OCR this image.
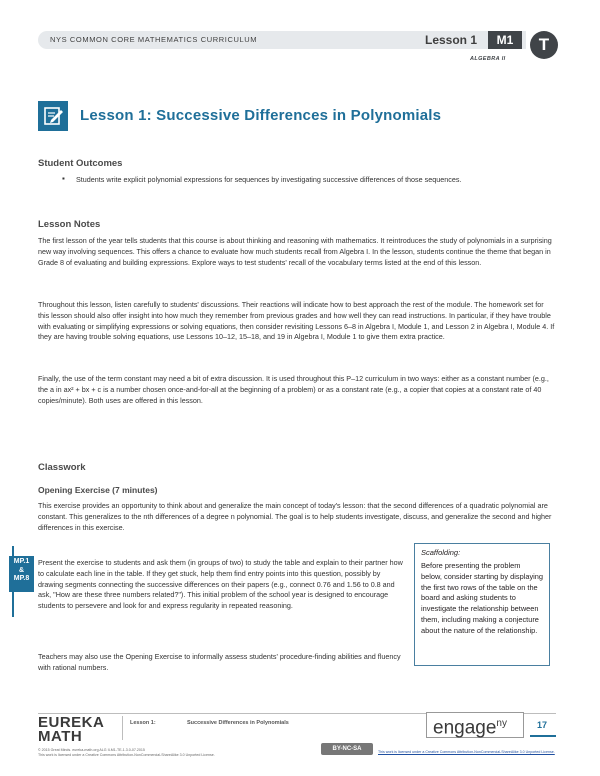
NYS COMMON CORE MATHEMATICS CURRICULUM	Lesson 1	M1	T
ALGEBRA II
Lesson 1: Successive Differences in Polynomials
Student Outcomes
▪ Students write explicit polynomial expressions for sequences by investigating successive differences of those sequences.

Lesson Notes

The first lesson of the year tells students that this course is about thinking and reasoning with mathematics. It reintroduces the study of polynomials in a surprising new way involving sequences. This offers a chance to evaluate how much students recall from Algebra I. In the lesson, students continue the theme that began in Grade 8 of evaluating and building expressions. Explore ways to test students' recall of the vocabulary terms listed at the end of this lesson.

Throughout this lesson, listen carefully to students' discussions. Their reactions will indicate how to best approach the rest of the module. The homework set for this lesson should also offer insight into how much they remember from previous grades and how well they can read instructions. In particular, if they have trouble with evaluating or simplifying expressions or solving equations, then consider revisiting Lessons 6–8 in Algebra I, Module 1, and Lesson 2 in Algebra I, Module 4. If they are having trouble solving equations, use Lessons 10–12, 15–18, and 19 in Algebra I, Module 1 to give them extra practice.

Finally, the use of the term constant may need a bit of extra discussion. It is used throughout this P–12 curriculum in two ways: either as a constant number (e.g., the a in ax² + bx + c is a number chosen once-and-for-all at the beginning of a problem) or as a constant rate (e.g., a copier that copies at a constant rate of 40 copies/minute). Both uses are offered in this lesson.

Classwork
Opening Exercise (7 minutes)

This exercise provides an opportunity to think about and generalize the main concept of today's lesson: that the second differences of a quadratic polynomial are constant. This generalizes to the nth differences of a degree n polynomial. The goal is to help students investigate, discuss, and generalize the second and higher differences in this exercise.

MP.1
&
MP.8

Present the exercise to students and ask them (in groups of two) to study the table and explain to their partner how to calculate each line in the table. If they get stuck, help them find entry points into this question, possibly by drawing segments connecting the successive differences on their papers (e.g., connect 0.76 and 1.56 to 0.8 and ask, "How are these three numbers related?"). This initial problem of the school year is designed to encourage students to persevere and look for and express regularity in repeated reasoning.

Teachers may also use the Opening Exercise to informally assess students' procedure-finding abilities and fluency with rational numbers.

Scaffolding:
Before presenting the problem below, consider starting by displaying the first two rows of the table on the board and asking students to investigate the relationship between them, including making a conjecture about the nature of the relationship.
EUREKA
MATH
Lesson 1:	Successive Differences in Polynomials	engage$^{ny}$	17
© 2015 Great Minds. eureka-math.org ALG II-M1-TE-1.3.0-07.2015
This work is licensed under a Creative Commons Attribution-NonCommercial-ShareAlike 3.0 Unported License.
BY-NC-SA	This work is licensed under a Creative Commons Attribution-NonCommercial-ShareAlike 3.0 Unported License.
